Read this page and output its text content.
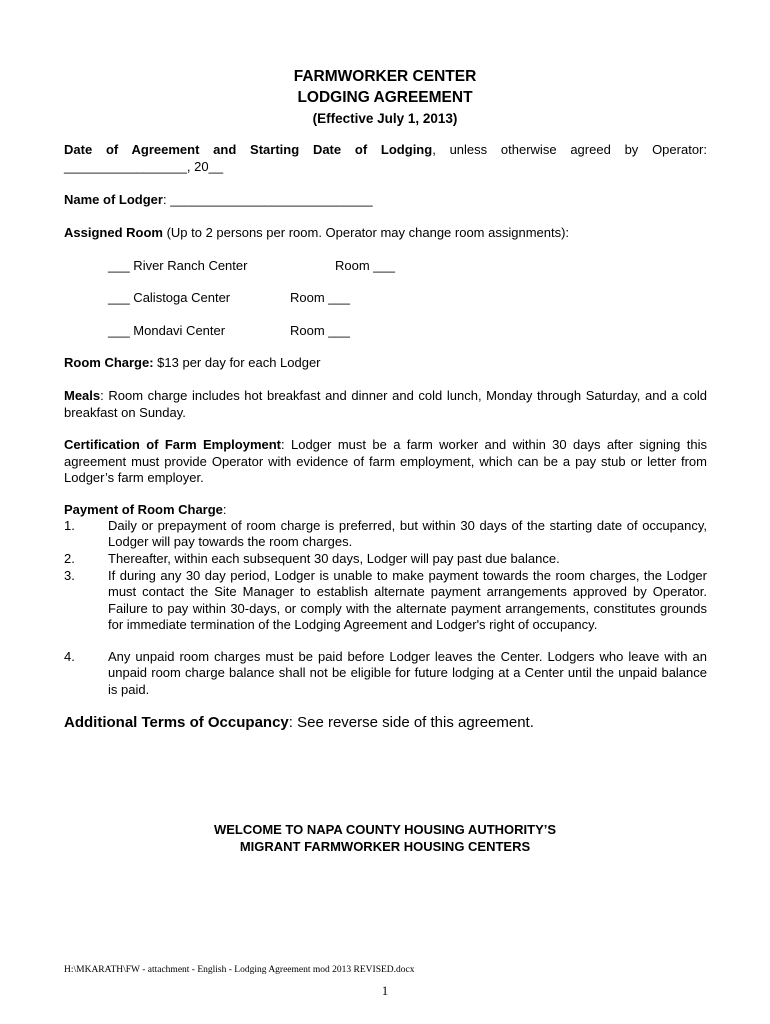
FARMWORKER CENTER
LODGING AGREEMENT
(Effective July 1, 2013)
Date of Agreement and Starting Date of Lodging, unless otherwise agreed by Operator:
_________________, 20__
Name of Lodger: ____________________________
Assigned Room (Up to 2 persons per room. Operator may change room assignments):
___ River Ranch Center	Room ___
___ Calistoga Center	Room ___
___ Mondavi Center	Room ___
Room Charge: $13 per day for each Lodger
Meals: Room charge includes hot breakfast and dinner and cold lunch, Monday through Saturday, and a cold breakfast on Sunday.
Certification of Farm Employment: Lodger must be a farm worker and within 30 days after signing this agreement must provide Operator with evidence of farm employment, which can be a pay stub or letter from Lodger’s farm employer.
Payment of Room Charge:
1.	Daily or prepayment of room charge is preferred, but within 30 days of the starting date of occupancy, Lodger will pay towards the room charges.
2.	Thereafter, within each subsequent 30 days, Lodger will pay past due balance.
3.	If during any 30 day period, Lodger is unable to make payment towards the room charges, the Lodger must contact the Site Manager to establish alternate payment arrangements approved by Operator. Failure to pay within 30-days, or comply with the alternate payment arrangements, constitutes grounds for immediate termination of the Lodging Agreement and Lodger's right of occupancy.
4.	Any unpaid room charges must be paid before Lodger leaves the Center. Lodgers who leave with an unpaid room charge balance shall not be eligible for future lodging at a Center until the unpaid balance is paid.
Additional Terms of Occupancy: See reverse side of this agreement.
WELCOME TO NAPA COUNTY HOUSING AUTHORITY’S
MIGRANT FARMWORKER HOUSING CENTERS
H:\MKARATH\FW - attachment - English - Lodging Agreement mod 2013 REVISED.docx
1
